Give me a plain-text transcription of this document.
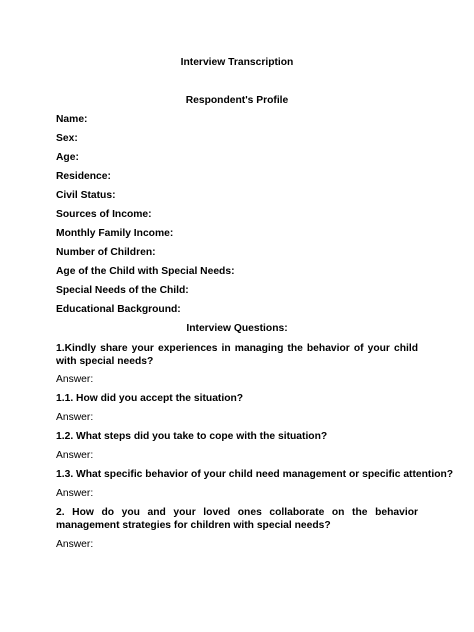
Interview Transcription
Respondent's Profile
Name:
Sex:
Age:
Residence:
Civil Status:
Sources of Income:
Monthly Family Income:
Number of Children:
Age of the Child with Special Needs:
Special Needs of the Child:
Educational Background:
Interview Questions:
1.Kindly share your experiences in managing the behavior of your child with special needs?
Answer:
1.1. How did you accept the situation?
Answer:
1.2. What steps did you take to cope with the situation?
Answer:
1.3. What specific behavior of your child need management or specific attention?
Answer:
2. How do you and your loved ones collaborate on the behavior management strategies for children with special needs?
Answer:
